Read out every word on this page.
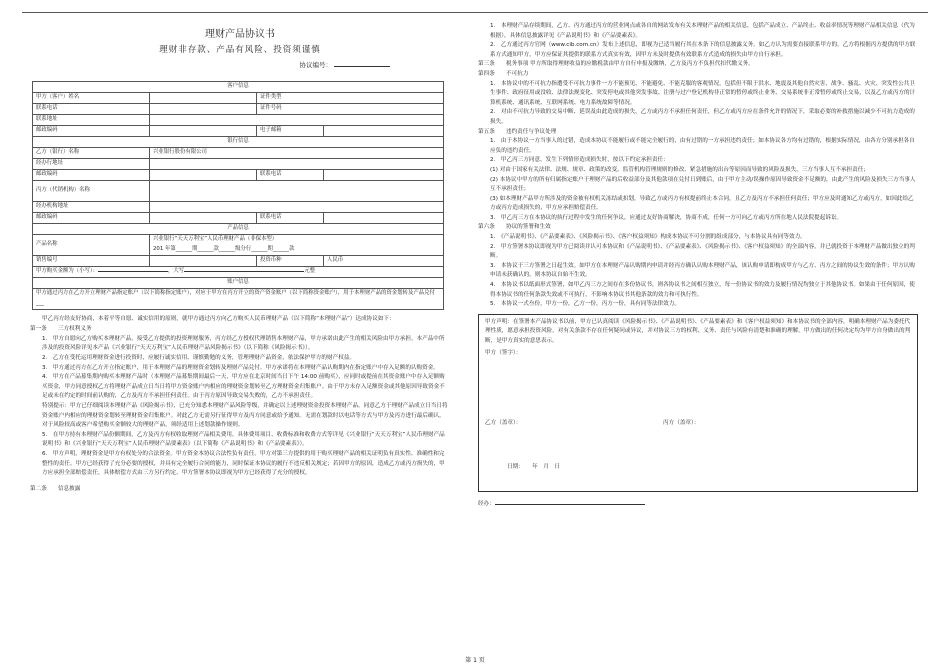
理财产品协议书
理财非存款、产品有风险、投资须谨慎
协议编号：
客户信息			
甲方（客户）姓名		证件类型	
联系电话		证件号码	
联系地址			
邮政编码		电子邮箱	
银行信息			
乙方（银行）名称	兴业银行股份有限公司		
经办行地址			
邮政编码		联系电话	
丙方（代销机构）名称			
经办机构地址			
邮政编码		联系电话	
产品信息			
产品名称	兴业银行“天天万利宝”人民币理财产品（非保本型）
201 年第______期______款______级分行______期______款		

销售编号		投资币种	人民币
甲方购买金额为（小写）： ，大写 元整			
账户信息			
甲方通过丙方在乙方开立理财产品指定账户（以下简称指定账户），对应于甲方在丙方开立的资产资金账户（以下简称资金账户），用于本理财产品的资金划转及产品兑付___			

甲乙丙方经友好协商，本着平等自愿、诚实信用的原则，就甲方通过丙方向乙方购买人民币理财产品（以下简称“本理财产品”）达成协议如下：

第一条　　三方权利义务

1.　甲方自愿向乙方购买本理财产品，接受乙方提供的投资理财服务，丙方经乙方授权代理销售本理财产品，甲方承诺由此产生的相关风险由甲方承担。本产品中所涉及的投资风险详见本产品《兴业银行“天天万利宝”人民币理财产品风险揭示书》（以下简称《风险揭示书》）。

2.　乙方在受托运用理财资金进行投资时，应履行诚实信用、谨慎勤勉的义务，管理理财产品资金，依法保护甲方的财产权益。

3.　甲方通过丙方在乙方开立指定账户，用于本理财产品的理财资金划转及理财产品兑付。甲方承诺将在本理财产品认购期内在指定账户中存入足额的认购资金。

4.　甲方在产品募集期内购买本理财产品时（本理财产品募集期间最后一天，甲方应在北京时间当日下午 14:00 前购买），应同时或提前在其资金账户中存入足额购买资金，甲方同意授权乙方将理财产品成立日当日将甲方资金账户内相应的理财资金划转至乙方理财资金归集账户。由于甲方未存入足额资金或其他原因导致资金不足或未在约定的时间前认购的，乙方及丙方不承担任何责任。由于丙方原因导致交易失败的，乙方不承担责任。

特别提示：甲方已仔细阅读本理财产品《风险揭示书》，已充分知悉本理财产品风险等级，并确定以上述理财资金投资本理财产品。同意乙方于理财产品成立日当日将资金账户内相应的理财资金划转至理财资金归集账户。对此乙方无需另行征得甲方及丙方同意或给予通知。无需在划款时以电话等方式与甲方及丙方进行最后确认。对于风险较高或客户希望购买金额较大的理财产品，须经适用上述划款操作规则。

5.　在甲方持有本理财产品份额期间，乙方及丙方有权收取理财产品相关费用。具体费用项目、收费标准和收费方式等详见《兴业银行“天天万利宝”人民币理财产品说明书》和《兴业银行“天天万利宝”人民币理财产品要素表》（以下简称《产品说明书》和《产品要素表》）。

6.　甲方声明，理财资金是甲方有权处分的合法资金。甲方资金本协议合法性负有责任。甲方对第三方提供的用于购买理财产品的相关证明负有真实性、准确性和完整性的责任。甲方已经获得了充分必要的授权，并具有完全履行合同的能力，同时保证本协议的履行不违反相关规定；若因甲方的原因，造成乙方或丙方损失的，甲方应承担全部赔偿责任，具体赔偿方式由三方另行约定。甲方签署本协议即视为甲方已经获得了充分的授权。

第二条　　信息披露

1.　本理财产品存续期间，乙方、丙方通过丙方的营业网点或各自的网站发布有关本理财产品的相关信息，包括产品成立、产品终止、收益率情况等理财产品相关信息（代为根据），具体信息披露详见《产品说明书》和《产品要素表》。

2.　乙方通过丙方官网（www.cib.com.cn）发布上述信息，即视为已适当履行其在本条下的信息披露义务。如乙方认为需要直接联系甲方的，乙方将根据丙方提供的甲方联系方式通知甲方，甲方应保证其提供的联系方式真实有效，因甲方未及时提供有效联系方式造成的损失由甲方自行承担。

第三条　　税务事项 甲方所取得理财收益的应缴税款由甲方自行申报及缴纳，乙方及丙方不负担代扣代缴义务。

第四条　　不可抗力

1.　本协议中的不可抗力指遭受不可抗力事件一方不能预见、不能避免、不能克服的客观情况，包括但不限于洪水、地震及其他自然灾害，战争、骚乱、火灾、突发性公共卫生事件、政府征用或没收、法律法规变化、突发停电或其他突发事故、注册与过户登记机构非正常的暂停或终止业务、交易系统非正常暂停或终止交易，以及乙方或丙方的计算机系统、通讯系统、互联网系统、电力系统故障等情况。

2.　对由不可抗力导致的交易中断、延误及由此造成的损失，乙方或丙方不承担任何责任，但乙方或丙方应在条件允许的情况下，采取必要的补救措施以减少不可抗力造成的损失。

第五条　　违约责任与争议处理

1.　由于本协议一方当事人的过错，造成本协议不能履行或不能完全履行的，由有过错的一方承担违约责任；如本协议各方均有过错的，根据实际情况，由各方分别承担各自应负的违约责任。

2.　甲乙丙三方同意，发生下列情形造成损失时，按以下约定承担责任：

(1) 对由于国家有关法律、法规、规章、政策的改变、监管机构管理规则的修改、紧急措施的出台等原因而导致的风险及损失，三方当事人互不承担责任；

(2) 本协议中甲方的所有归属指定账户于理财产品的后收益部分及其他款项在兑付日到账后，由于甲方主动/误操作原因导致资金不足额的，由此产生的风险及损失三方当事人互不承担责任；

(3) 如本理财产品甲方所涉及的资金被有权机关冻结或扣划，导致乙方或丙方有权提前终止本合同，且乙方及丙方不承担任何责任；甲方应及时通知乙方或丙方，如因此给乙方或丙方造成损失的，甲方应承担赔偿责任。

3.　甲乙丙三方在本协议的执行过程中发生的任何争议，应通过友好协商解决，协商不成，任何一方可向乙方或丙方所在地人民法院提起诉讼。

第六条　　协议的签署和生效

1.　《产品说明书》、《产品要素表》、《风险揭示书》、《客户权益须知》构成本协议不可分割的组成部分，与本协议具有同等效力。

2.　甲方签署本协议即视为甲方已阅读并认可本协议和《产品说明书》、《产品要素表》、《风险揭示书》、《客户权益须知》的全部内容，并已就投资于本理财产品做出独立的判断。

3.　本协议于三方签署之日起生效。如甲方在本理财产品认购期内申请并经丙方确认认购本理财产品，该认购申请即构成甲方与乙方、丙方之间的协议生效的条件；甲方认购申请未获确认的，则本协议自始不生效。

4.　本协议书以纸面形式签署，如甲乙丙三方之间存在多份协议书，则各协议书之间相互独立，每一份协议书的效力及履行情况均独立于其他协议书。如果由于任何原因，使得本协议书的任何条款失效或不可执行，不影响本协议书其他条款的效力和可执行性。

5.　本协议一式叁份，甲方一份，乙方一份，丙方一份，具有同等法律效力。

甲方声明：在签署本产品协议书以前，甲方已认真阅读《风险揭示书》、《产品说明书》、《产品要素表》和《客户权益须知》和本协议书的全部内容，明确本理财产品为委托代理性质，愿意承担投资风险，对有关条款不存在任何疑问或异议，并对协议三方的权利、义务、责任与风险有清楚和准确的理解。甲方做出的任何决定均为甲方自身做出的判断，是甲方真实的意思表示。

甲方（签字）：

乙方（盖章）：	丙方（盖章）：
日期：　　年　月　日

经办：

第 1 页
